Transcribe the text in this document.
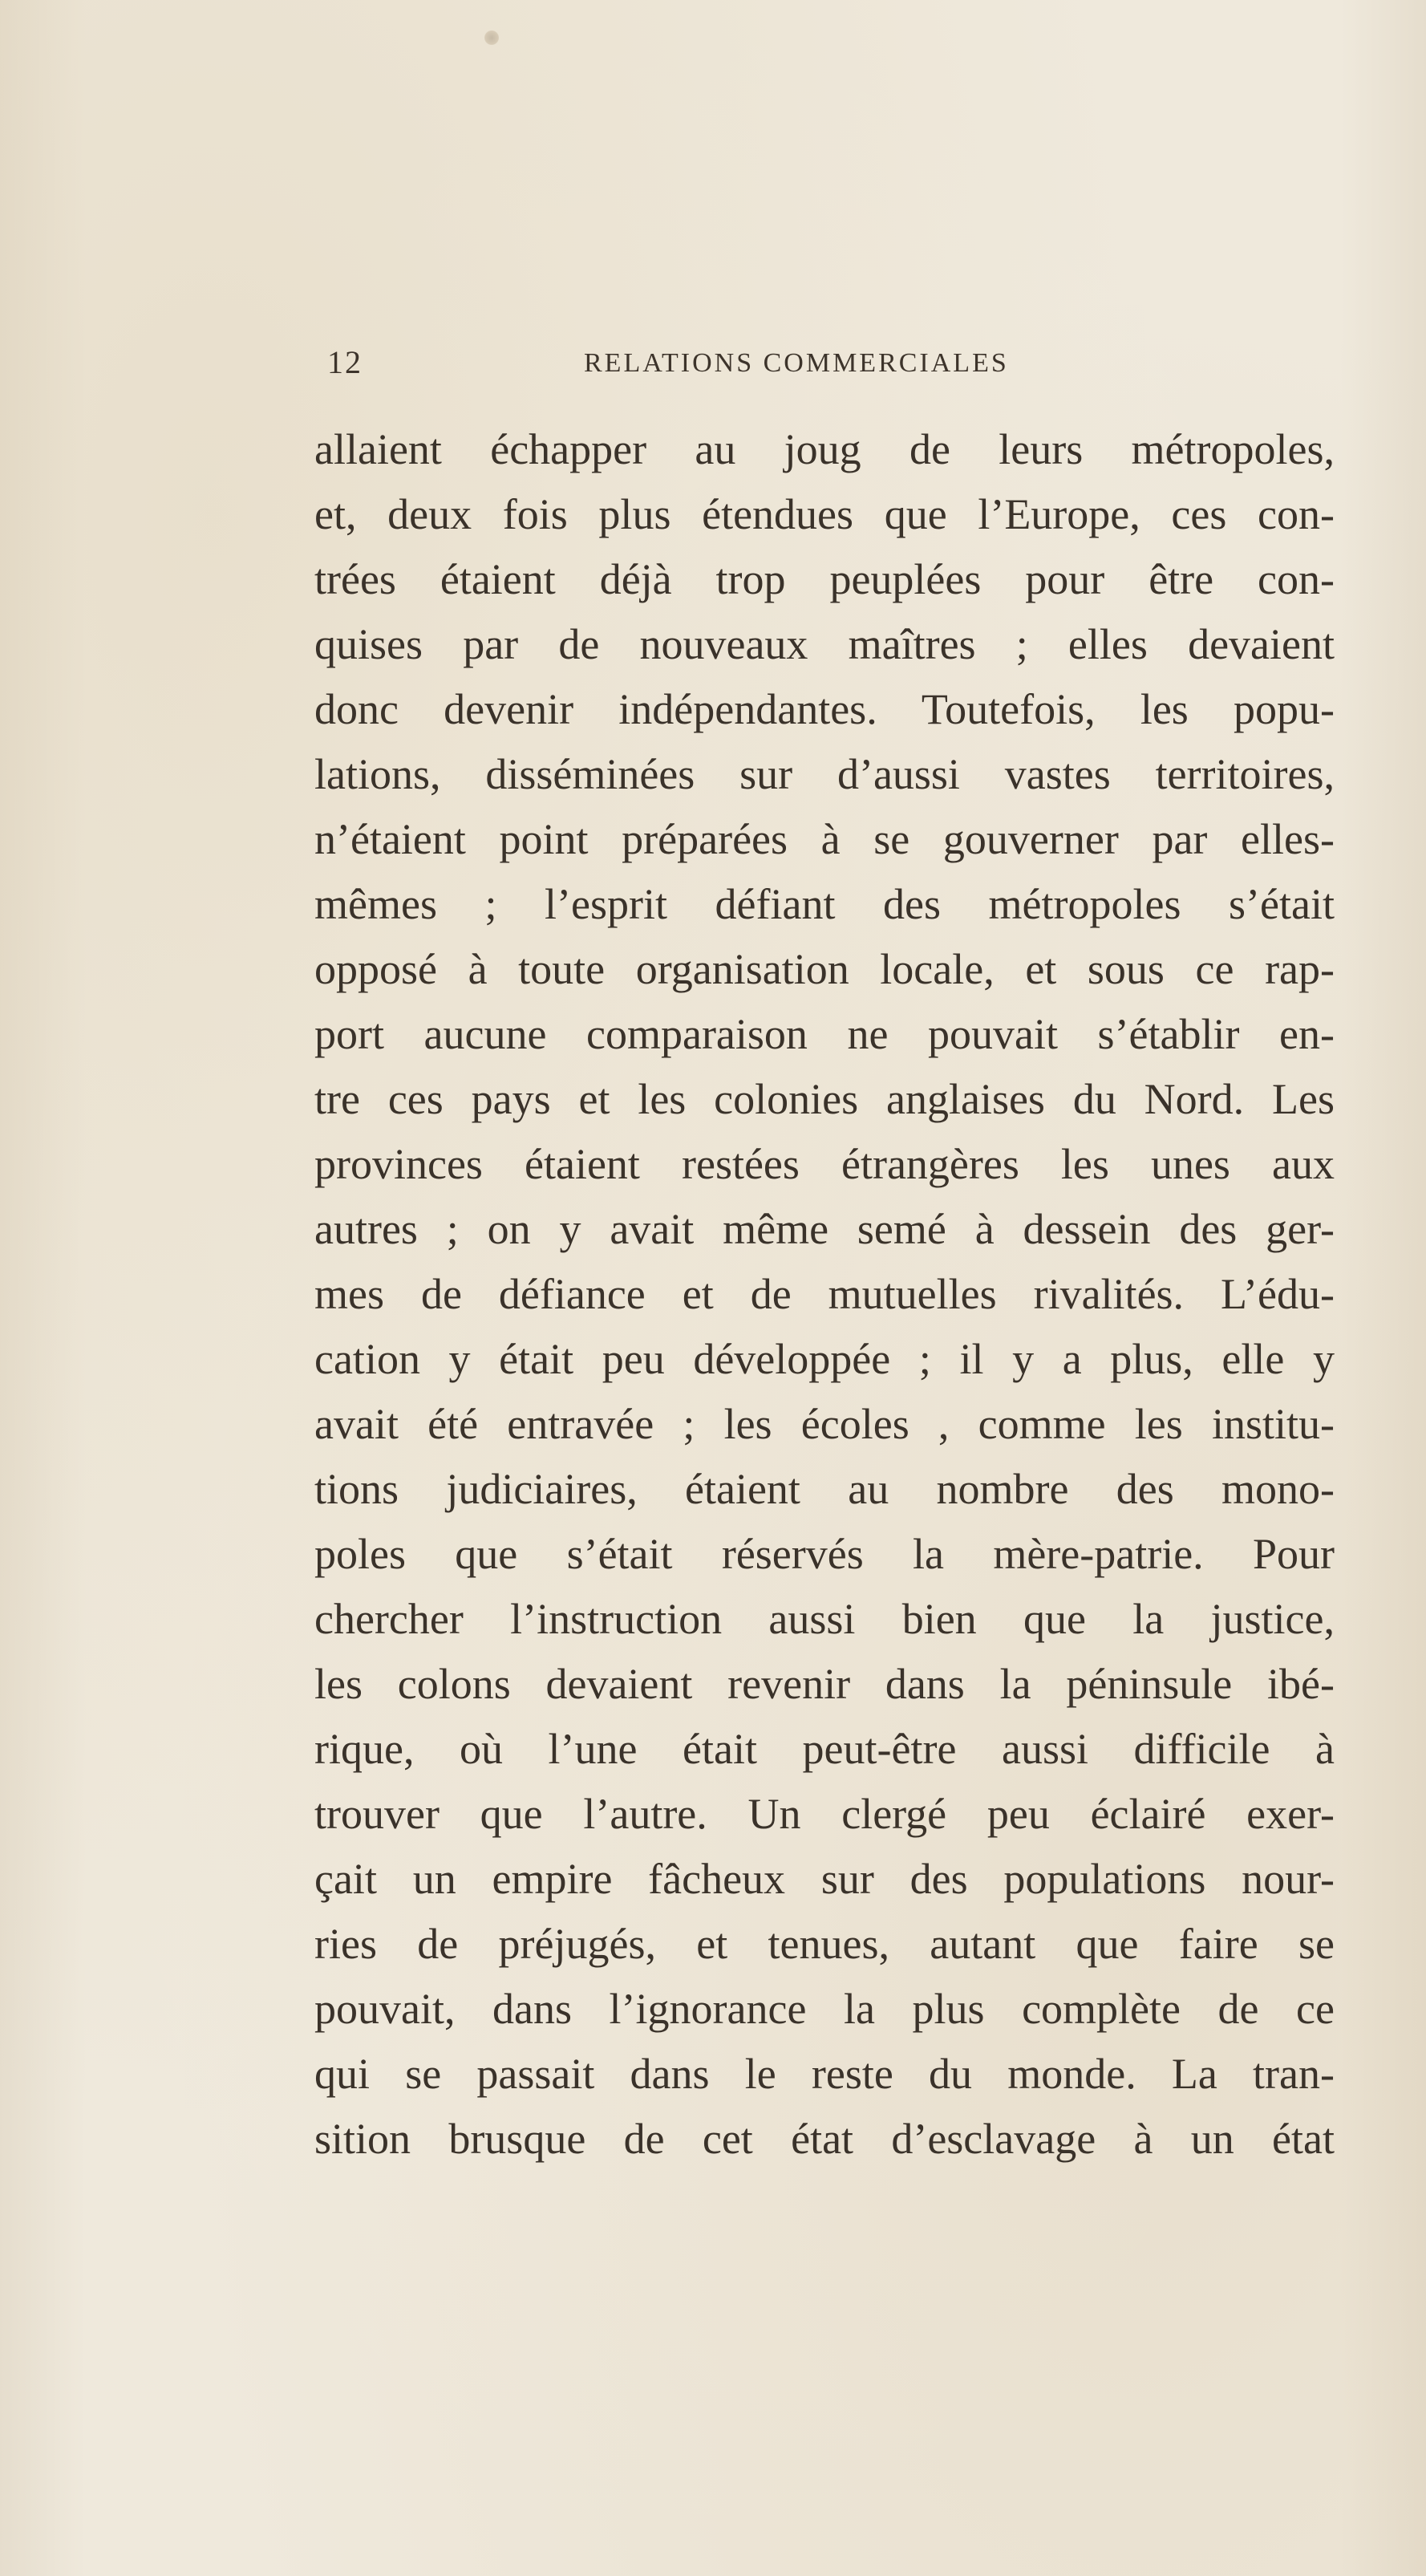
12	RELATIONS COMMERCIALES
allaient échapper au joug de leurs métropoles,
et, deux fois plus étendues que l’Europe, ces con-
trées étaient déjà trop peuplées pour être con-
quises par de nouveaux maîtres ; elles devaient
donc devenir indépendantes. Toutefois, les popu-
lations, disséminées sur d’aussi vastes territoires,
n’étaient point préparées à se gouverner par elles-
mêmes ; l’esprit défiant des métropoles s’était
opposé à toute organisation locale, et sous ce rap-
port aucune comparaison ne pouvait s’établir en-
tre ces pays et les colonies anglaises du Nord. Les
provinces étaient restées étrangères les unes aux
autres ; on y avait même semé à dessein des ger-
mes de défiance et de mutuelles rivalités. L’édu-
cation y était peu développée ; il y a plus, elle y
avait été entravée ; les écoles , comme les institu-
tions judiciaires, étaient au nombre des mono-
poles que s’était réservés la mère-patrie. Pour
chercher l’instruction aussi bien que la justice,
les colons devaient revenir dans la péninsule ibé-
rique, où l’une était peut-être aussi difficile à
trouver que l’autre. Un clergé peu éclairé exer-
çait un empire fâcheux sur des populations nour-
ries de préjugés, et tenues, autant que faire se
pouvait, dans l’ignorance la plus complète de ce
qui se passait dans le reste du monde. La tran-
sition brusque de cet état d’esclavage à un état
